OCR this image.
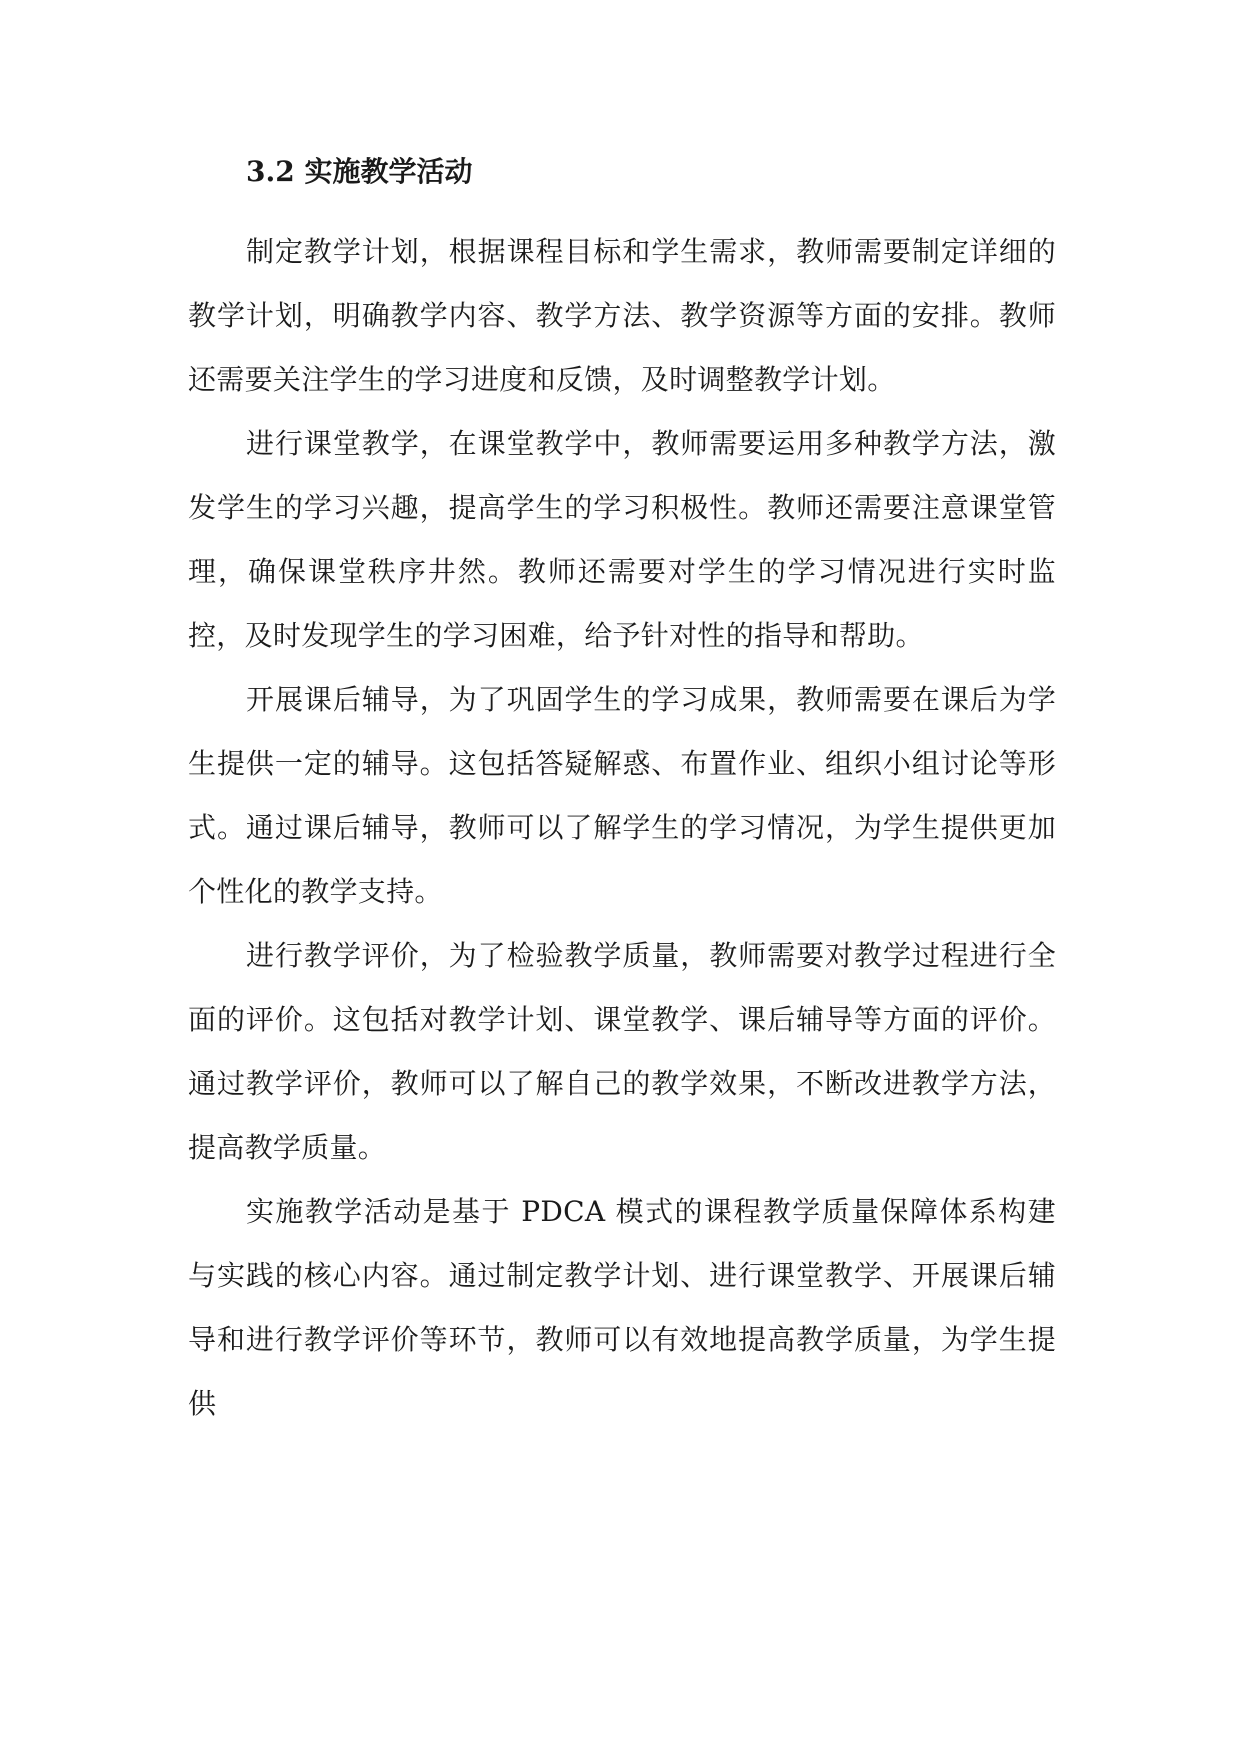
3.2 实施教学活动

制定教学计划，根据课程目标和学生需求，教师需要制定详细的教学计划，明确教学内容、教学方法、教学资源等方面的安排。教师还需要关注学生的学习进度和反馈，及时调整教学计划。

进行课堂教学，在课堂教学中，教师需要运用多种教学方法，激发学生的学习兴趣，提高学生的学习积极性。教师还需要注意课堂管理，确保课堂秩序井然。教师还需要对学生的学习情况进行实时监控，及时发现学生的学习困难，给予针对性的指导和帮助。

开展课后辅导，为了巩固学生的学习成果，教师需要在课后为学生提供一定的辅导。这包括答疑解惑、布置作业、组织小组讨论等形式。通过课后辅导，教师可以了解学生的学习情况，为学生提供更加个性化的教学支持。

进行教学评价，为了检验教学质量，教师需要对教学过程进行全面的评价。这包括对教学计划、课堂教学、课后辅导等方面的评价。通过教学评价，教师可以了解自己的教学效果，不断改进教学方法，提高教学质量。

实施教学活动是基于 PDCA 模式的课程教学质量保障体系构建与实践的核心内容。通过制定教学计划、进行课堂教学、开展课后辅导和进行教学评价等环节，教师可以有效地提高教学质量，为学生提供
